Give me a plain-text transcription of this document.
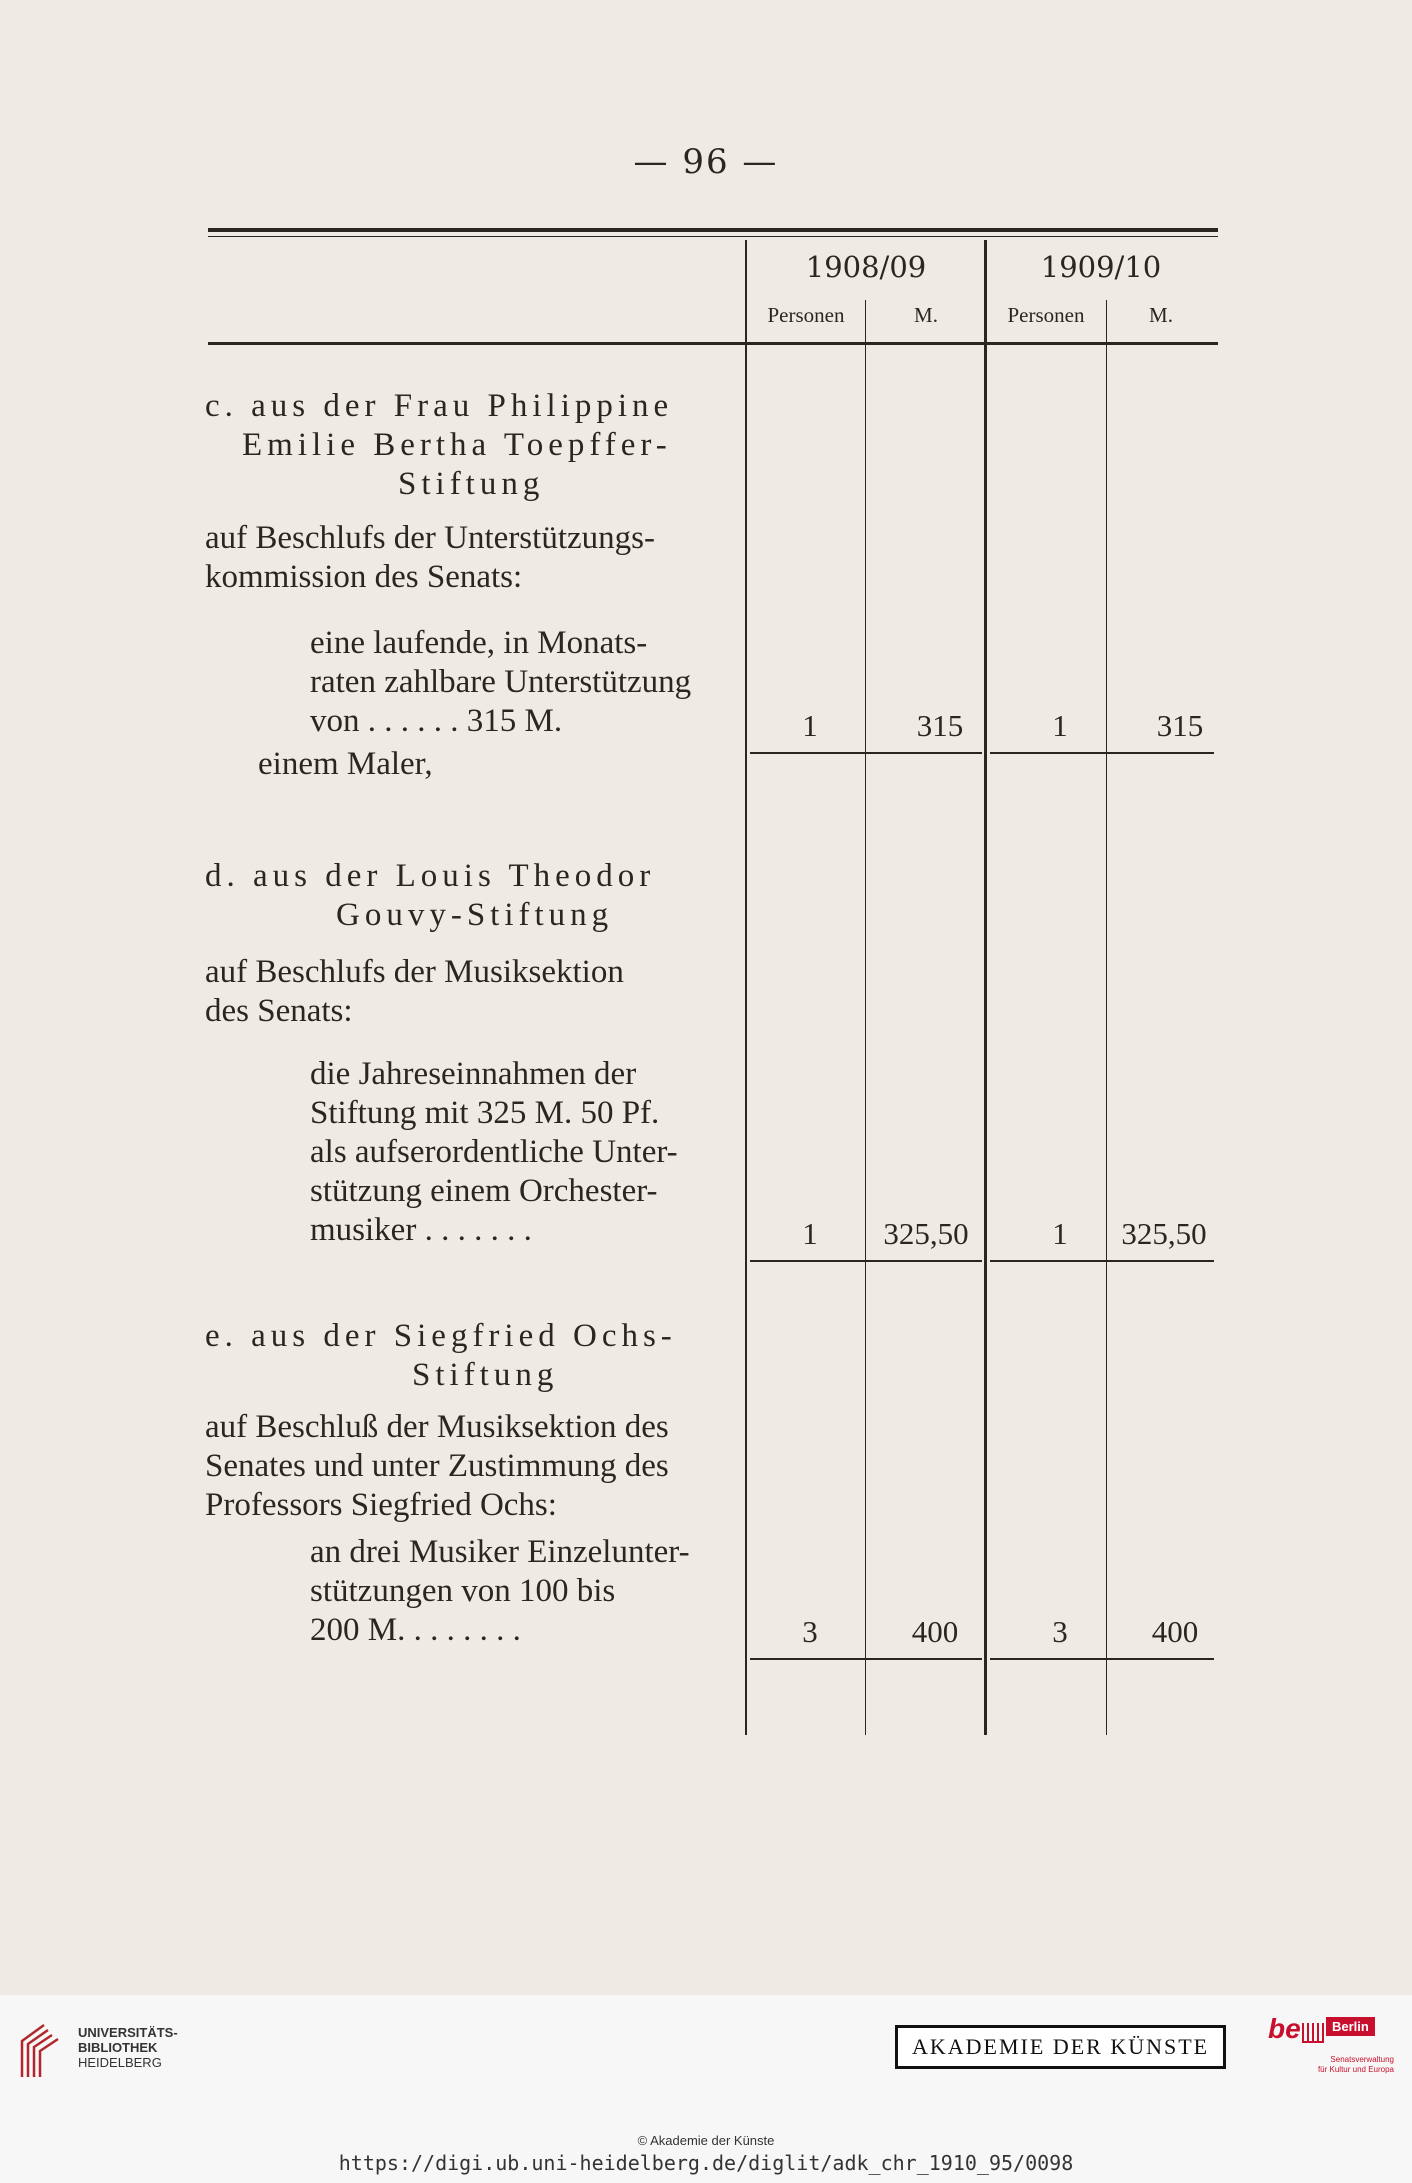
— 96 —
1908/09	1909/10
Personen	M.	Personen	M.
c. aus der Frau Philippine
Emilie Bertha Toepffer-
Stiftung
auf Beschlufs der Unterstützungs-
kommission des Senats:
eine laufende, in Monats-
raten zahlbare Unterstützung
von . . . . . . 315 M.
einem Maler,
1	315	1	315
d. aus der Louis Theodor
Gouvy-Stiftung
auf Beschlufs der Musiksektion
des Senats:
die Jahreseinnahmen der
Stiftung mit 325 M. 50 Pf.
als aufserordentliche Unter-
stützung einem Orchester-
musiker . . . . . . .	1	325,50	1	325,50
e. aus der Siegfried Ochs-
Stiftung
auf Beschluß der Musiksektion des
Senates und unter Zustimmung des
Professors Siegfried Ochs:
an drei Musiker Einzelunter-
stützungen von 100 bis
200 M. . . . . . . .	3	400	3	400
UNIVERSITÄTS-
BIBLIOTHEK
HEIDELBERG
AKADEMIE DER KÜNSTE
be	Berlin
Senatsverwaltung
für Kultur und Europa
© Akademie der Künste
https://digi.ub.uni-heidelberg.de/diglit/adk_chr_1910_95/0098
